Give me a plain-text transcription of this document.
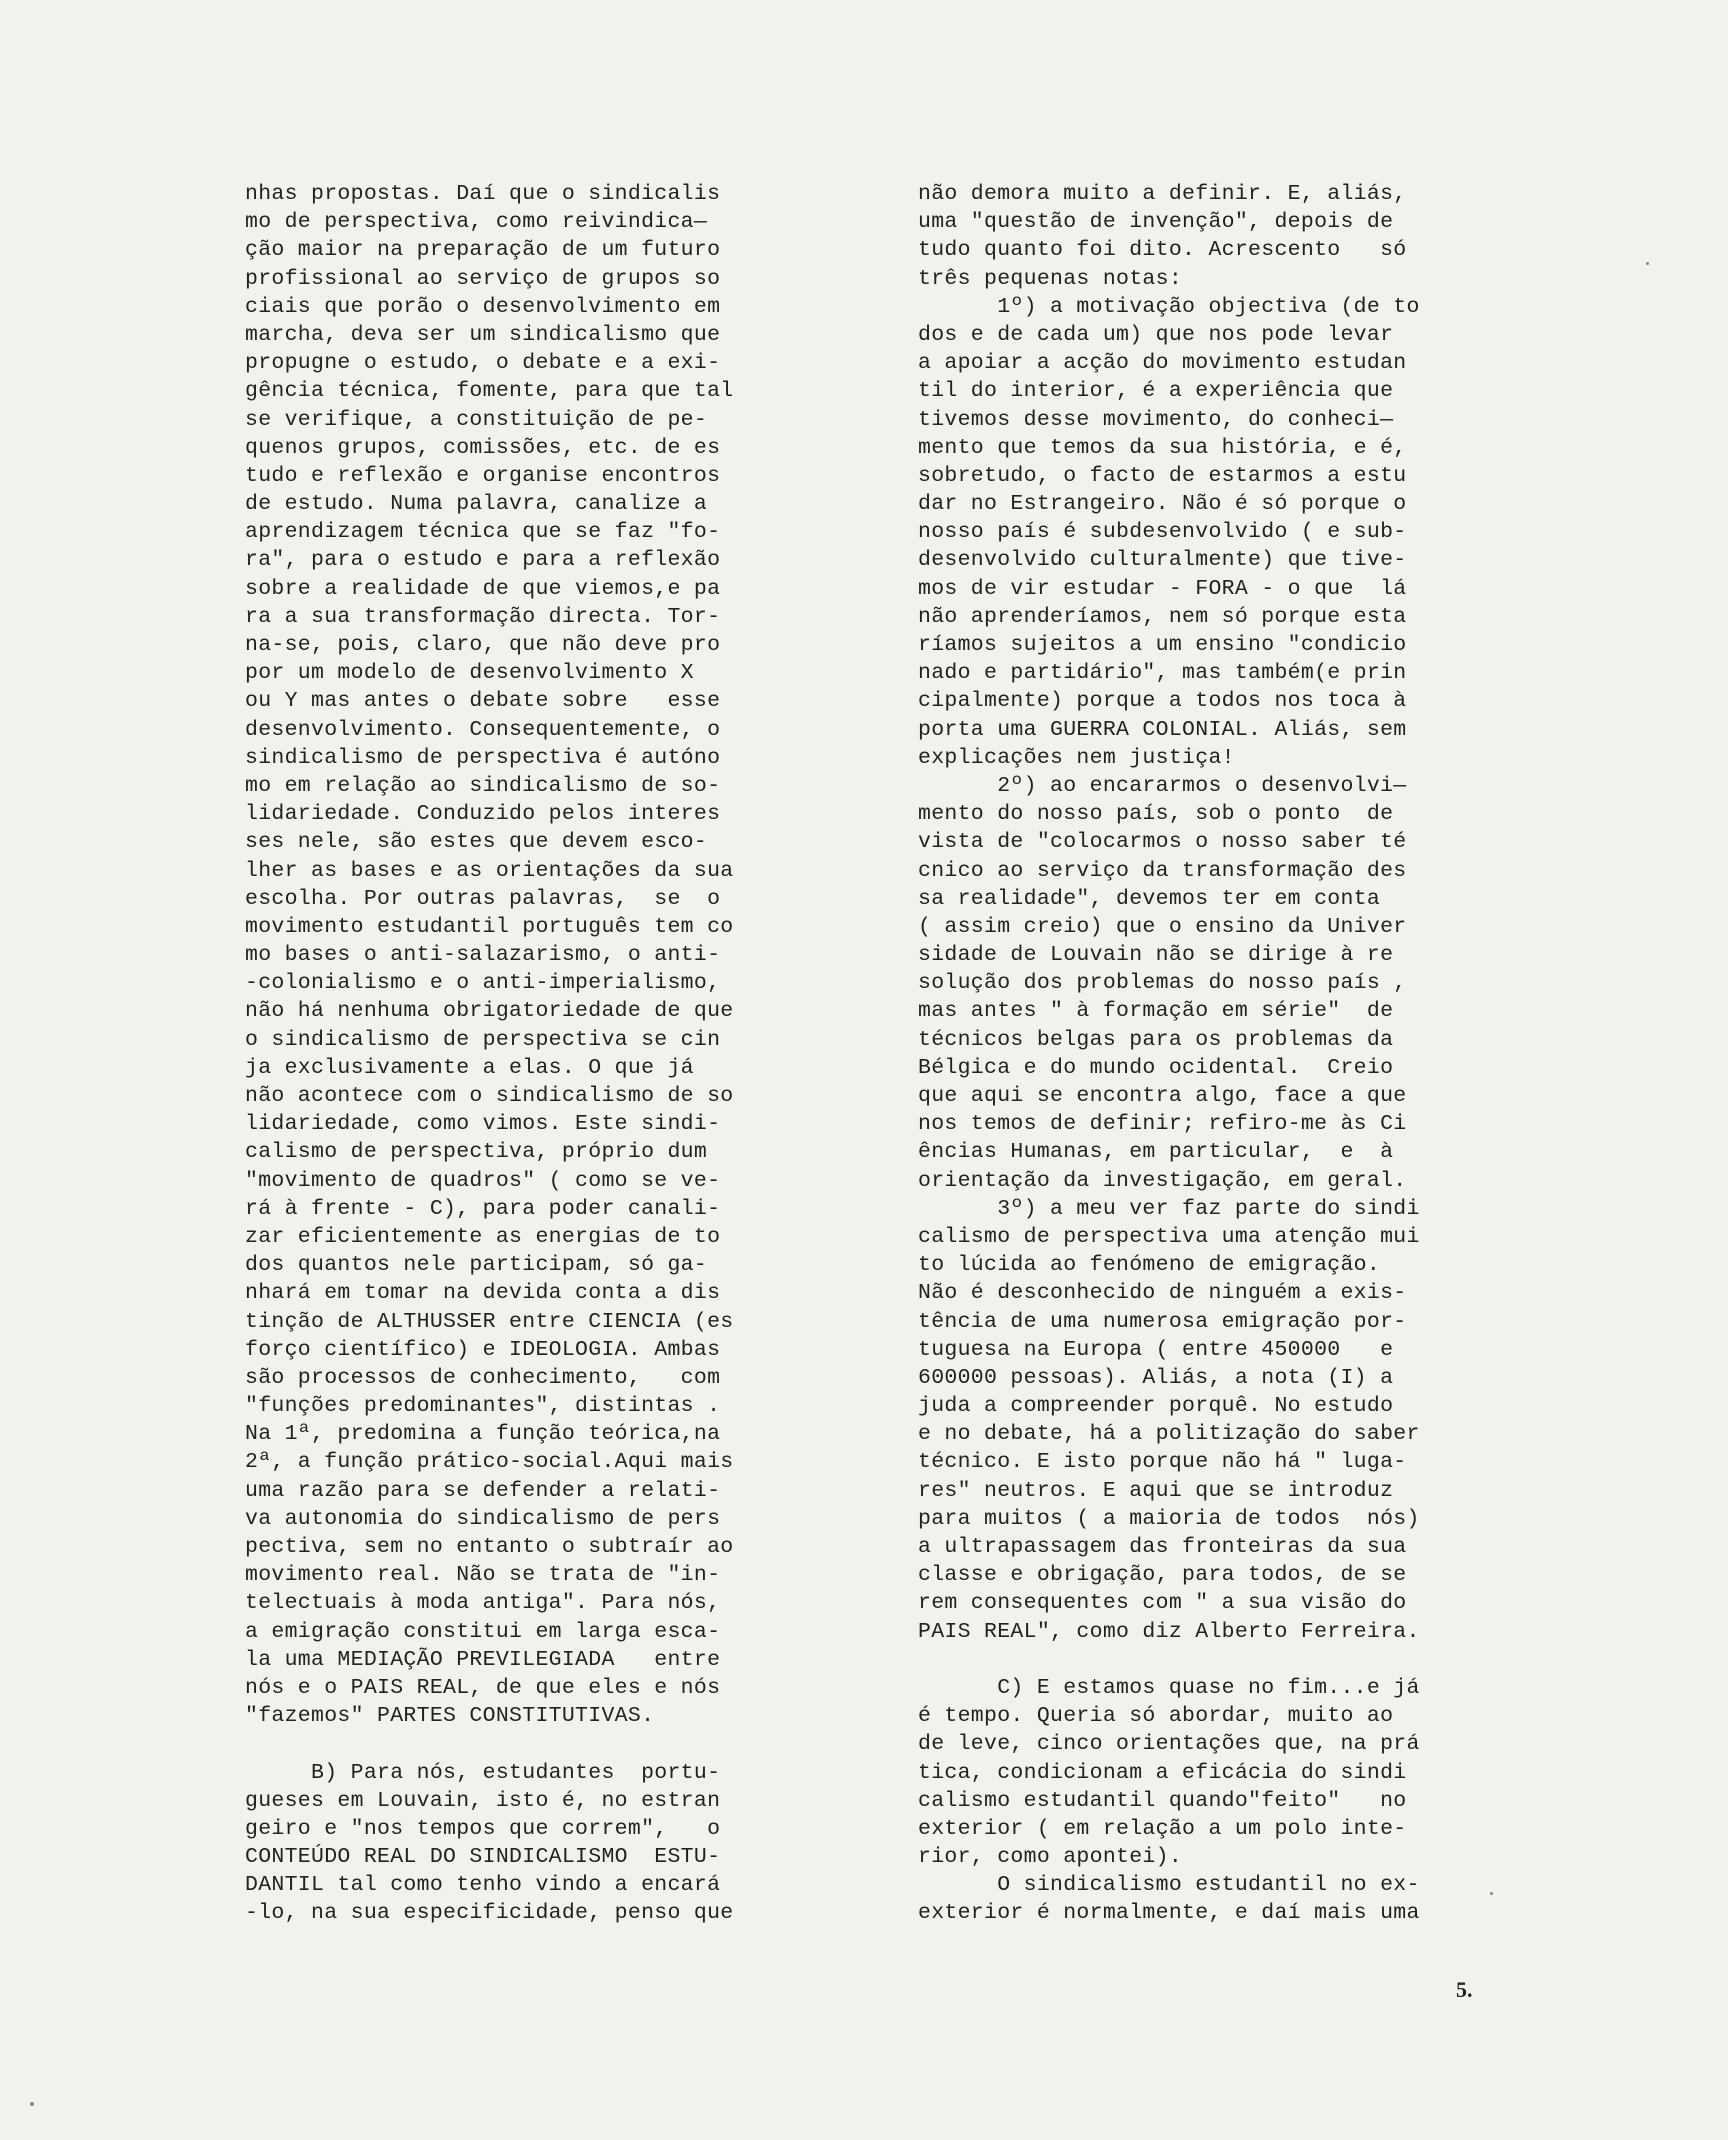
nhas propostas. Daí que o sindicalis
mo de perspectiva, como reivindica—
ção maior na preparação de um futuro
profissional ao serviço de grupos so
ciais que porão o desenvolvimento em
marcha, deva ser um sindicalismo que
propugne o estudo, o debate e a exi-
gência técnica, fomente, para que tal
se verifique, a constituição de pe-
quenos grupos, comissões, etc. de es
tudo e reflexão e organise encontros
de estudo. Numa palavra, canalize a
aprendizagem técnica que se faz "fo-
ra", para o estudo e para a reflexão
sobre a realidade de que viemos,e pa
ra a sua transformação directa. Tor-
na-se, pois, claro, que não deve pro
por um modelo de desenvolvimento X
ou Y mas antes o debate sobre   esse
desenvolvimento. Consequentemente, o
sindicalismo de perspectiva é autóno
mo em relação ao sindicalismo de so-
lidariedade. Conduzido pelos interes
ses nele, são estes que devem esco-
lher as bases e as orientações da sua
escolha. Por outras palavras,  se  o
movimento estudantil português tem co
mo bases o anti-salazarismo, o anti-
-colonialismo e o anti-imperialismo,
não há nenhuma obrigatoriedade de que
o sindicalismo de perspectiva se cin
ja exclusivamente a elas. O que já
não acontece com o sindicalismo de so
lidariedade, como vimos. Este sindi-
calismo de perspectiva, próprio dum
"movimento de quadros" ( como se ve-
rá à frente - C), para poder canali-
zar eficientemente as energias de to
dos quantos nele participam, só ga-
nhará em tomar na devida conta a dis
tinção de ALTHUSSER entre CIENCIA (es
forço científico) e IDEOLOGIA. Ambas
são processos de conhecimento,   com
"funções predominantes", distintas .
Na 1ª, predomina a função teórica,na
2ª, a função prático-social.Aqui mais
uma razão para se defender a relati-
va autonomia do sindicalismo de pers
pectiva, sem no entanto o subtraír ao
movimento real. Não se trata de "in-
telectuais à moda antiga". Para nós,
a emigração constitui em larga esca-
la uma MEDIAÇÃO PREVILEGIADA   entre
nós e o PAIS REAL, de que eles e nós
"fazemos" PARTES CONSTITUTIVAS.
B) Para nós, estudantes  portu-
gueses em Louvain, isto é, no estran
geiro e "nos tempos que correm",   o
CONTEÚDO REAL DO SINDICALISMO  ESTU-
DANTIL tal como tenho vindo a encará
-lo, na sua especificidade, penso que
não demora muito a definir. E, aliás,
uma "questão de invenção", depois de
tudo quanto foi dito. Acrescento   só
três pequenas notas:
1º) a motivação objectiva (de to
dos e de cada um) que nos pode levar
a apoiar a acção do movimento estudan
til do interior, é a experiência que
tivemos desse movimento, do conheci—
mento que temos da sua história, e é,
sobretudo, o facto de estarmos a estu
dar no Estrangeiro. Não é só porque o
nosso país é subdesenvolvido ( e sub-
desenvolvido culturalmente) que tive-
mos de vir estudar - FORA - o que  lá
não aprenderíamos, nem só porque esta
ríamos sujeitos a um ensino "condicio
nado e partidário", mas também(e prin
cipalmente) porque a todos nos toca à
porta uma GUERRA COLONIAL. Aliás, sem
explicações nem justiça!
2º) ao encararmos o desenvolvi—
mento do nosso país, sob o ponto  de
vista de "colocarmos o nosso saber té
cnico ao serviço da transformação des
sa realidade", devemos ter em conta
( assim creio) que o ensino da Univer
sidade de Louvain não se dirige à re
solução dos problemas do nosso país ,
mas antes " à formação em série"  de
técnicos belgas para os problemas da
Bélgica e do mundo ocidental.  Creio
que aqui se encontra algo, face a que
nos temos de definir; refiro-me às Ci
ências Humanas, em particular,  e  à
orientação da investigação, em geral.
3º) a meu ver faz parte do sindi
calismo de perspectiva uma atenção mui
to lúcida ao fenómeno de emigração.
Não é desconhecido de ninguém a exis-
tência de uma numerosa emigração por-
tuguesa na Europa ( entre 450000   e
600000 pessoas). Aliás, a nota (I) a
juda a compreender porquê. No estudo
e no debate, há a politização do saber
técnico. E isto porque não há " luga-
res" neutros. E aqui que se introduz
para muitos ( a maioria de todos  nós)
a ultrapassagem das fronteiras da sua
classe e obrigação, para todos, de se
rem consequentes com " a sua visão do
PAIS REAL", como diz Alberto Ferreira.
C) E estamos quase no fim...e já
é tempo. Queria só abordar, muito ao
de leve, cinco orientações que, na prá
tica, condicionam a eficácia do sindi
calismo estudantil quando"feito"   no
exterior ( em relação a um polo inte-
rior, como apontei).
O sindicalismo estudantil no ex-
exterior é normalmente, e daí mais uma
5.
